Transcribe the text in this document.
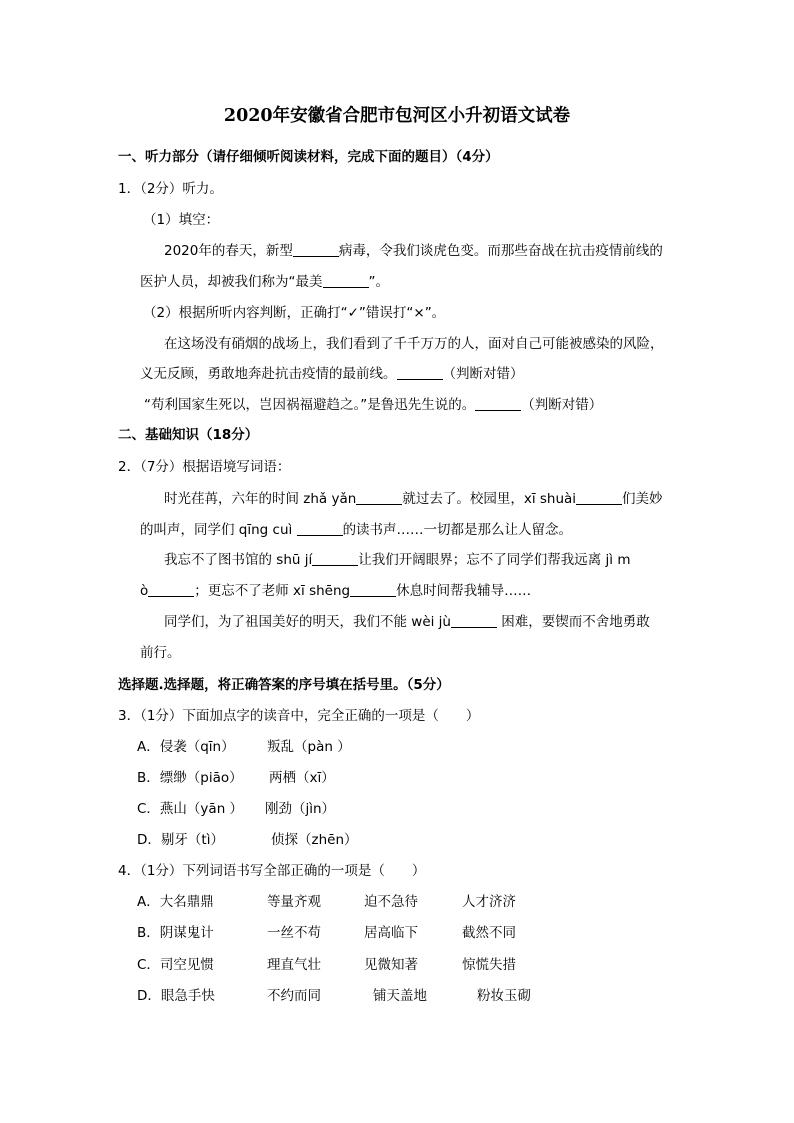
2020年安徽省合肥市包河区小升初语文试卷
一、听力部分（请仔细倾听阅读材料，完成下面的题目）（4分）
1．（2分）听力。
（1）填空：
2020年的春天，新型	病毒，令我们谈虎色变。而那些奋战在抗击疫情前线的
医护人员，却被我们称为“最美	”。
（2）根据所听内容判断，正确打“✓”错误打“×”。
在这场没有硝烟的战场上，我们看到了千千万万的人，面对自己可能被感染的风险，
义无反顾，勇敢地奔赴抗击疫情的最前线。	（判断对错）
“苟利国家生死以，岂因祸福避趋之。”是鲁迅先生说的。	（判断对错）
二、基础知识（18分）
2．（7分）根据语境写词语：
时光荏苒，六年的时间 zhǎ yǎn	就过去了。校园里，xī shuài	们美妙
的叫声，同学们 qīng cuì	的读书声……一切都是那么让人留念。
我忘不了图书馆的 shū jí	让我们开阔眼界；忘不了同学们帮我远离 jì m
ò	；更忘不了老师 xī shēng	休息时间帮我辅导……
同学们，为了祖国美好的明天，我们不能 wèi jù	困难，要锲而不舍地勇敢
前行。
选择题.选择题，将正确答案的序号填在括号里。（5分）
3．（1分）下面加点字的读音中，完全正确的一项是（　　）
A．侵袭（qīn） 叛乱（pàn ）
B．缥缈（piāo） 两栖（xī）
C．燕山（yān ） 刚劲（jìn）
D．剔牙（tì）	侦探（zhēn）
4．（1分）下列词语书写全部正确的一项是（　　）
A．大名鼎鼎	等量齐观	迫不急待	人才济济
B．阴谋鬼计	一丝不苟	居高临下	截然不同
C．司空见惯	理直气壮	见微知著	惊慌失措
D．眼急手快	不约而同	铺天盖地	粉妆玉砌
